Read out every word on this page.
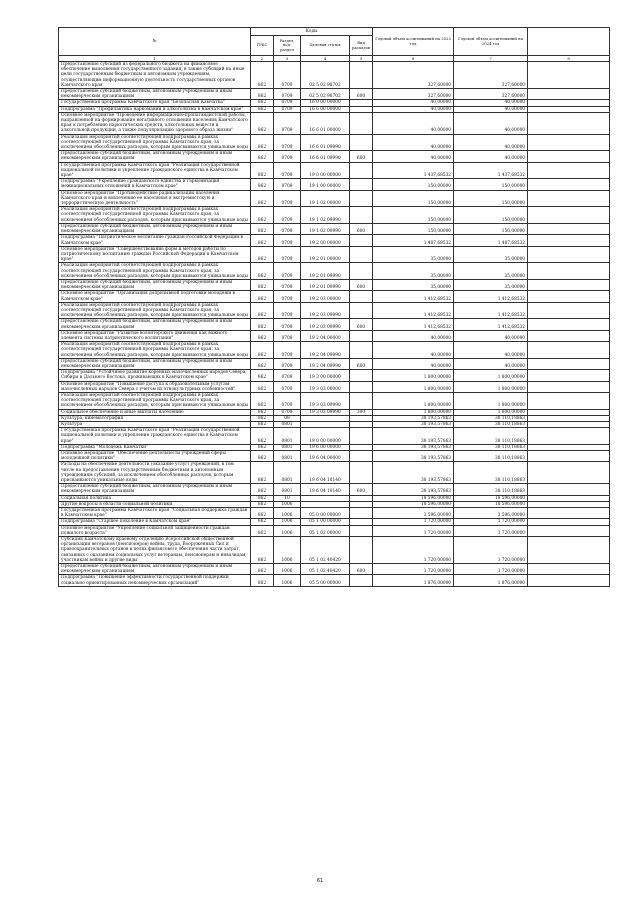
№	Коды				Годовой объем ассигнований на 2023 год	Годовой объем ассигнований на 2024 год	
	ГРБС	Раздел, под-раздел	Целевая статья	Вид расходов			
1	2	3	4	5	6	7	8
Предоставление субсидий из федерального бюджета на финансовое обеспечение выполнения государственного задания, в также субсидий на иные цели государственным бюджетным и автономным учреждениям, осуществляющим информационную деятельность государственных органов Камчатского края	862	0709	02 5 02 98702		327,60000	327,60000	
Предоставление субсидий бюджетным, автономным учреждениям и иным некоммерческим организациям	862	0709	02 5 02 98702	600	327,60000	327,60000	
Государственная программа Камчатского края "Безопасная Камчатка"	862	0709	16 0 00 00000		40,00000	40,00000	
Подпрограмма "Профилактика наркомании и алкоголизма в Камчатском крае"	862	0709	16 6 00 00000		40,00000	40,00000	
Основное мероприятие "Проведение информационно-пропагандистской работы, направленной на формирование негативного отношения населения Камчатского края к потреблению наркотических средств, алкогольных веществ и алкогольной продукции, а также популяризацию здорового образа жизни"	862	0709	16 6 01 00000		40,00000	40,00000	
Реализация мероприятий соответствующей подпрограммы в рамках соответствующей государственной программы Камчатского края, за исключением обособленных расходов, которым присваиваются уникальные коды	862	0709	16 6 01 09990		40,00000	40,00000	
Предоставление субсидий бюджетным, автономным учреждениям и иным некоммерческим организациям	862	0709	16 6 01 09990	600	40,00000	40,00000	
Государственная программа Камчатского края "Реализация государственной национальной политики и укрепление гражданского единства в Камчатском крае"	862	0709	19 0 00 00000		1 437,68532	1 437,68532	
Подпрограмма "Укрепление гражданского единства и гармонизация межнациональных отношений в Камчатском крае"	862	0709	19 1 00 00000		150,00000	150,00000	
Основное мероприятие "Противодействие радикализации населения Камчатского края и вовлечению ее населения в экстремистскую и террористическую деятельность"	862	0709	19 1 02 00000		150,00000	150,00000	
Реализация мероприятий соответствующей подпрограммы в рамках соответствующей государственной программы Камчатского края, за исключением обособленных расходов, которым присваиваются уникальные коды	862	0709	19 1 02 09990		150,00000	150,00000	
Предоставление субсидий бюджетным, автономным учреждениям и иным некоммерческим организациям	862	0709	19 1 02 09990	600	150,00000	150,00000	
Подпрограмма "Патриотическое воспитание граждан Российской Федерации в Камчатском крае"	862	0709	19 2 00 00000		1 487,68532	1 487,68532	
Основное мероприятие "Совершенствование форм и методов работы по патриотическому воспитанию граждан Российской Федерации в Камчатском крае"	862	0709	19 2 01 00000		35,00000	35,00000	
Реализация мероприятий соответствующей подпрограммы в рамках соответствующей государственной программы Камчатского края, за исключением обособленных расходов, которым присваиваются уникальные коды	862	0709	19 2 01 09990		35,00000	35,00000	
Предоставление субсидий бюджетным, автономным учреждениям и иным некоммерческим организациям	862	0709	19 2 01 09990	600	35,00000	35,00000	
Основное мероприятие "Организация допризывной подготовки молодежи в Камчатском крае"	862	0709	19 2 03 00000		1 412,68532	1 412,68532	
Реализация мероприятий соответствующей подпрограммы в рамках соответствующей государственной программы Камчатского края, за исключением обособленных расходов, которым присваиваются уникальные коды	862	0709	19 2 03 09990		1 412,68532	1 412,68532	
Предоставление субсидий бюджетным, автономным учреждениям и иным некоммерческим организациям	862	0709	19 2 03 09990	600	1 412,68532	1 412,68532	
Основное мероприятие "Развитие волонтерского движения как важного элемента системы патриотического воспитания"	862	0709	19 2 04 00000		40,00000	40,00000	
Реализация мероприятий соответствующей подпрограммы в рамках соответствующей государственной программы Камчатского края, за исключением обособленных расходов, которым присваиваются уникальные коды	862	0709	19 2 04 09990		40,00000	40,00000	
Предоставление субсидий бюджетным, автономным учреждениям и иным некоммерческим организациям	862	0709	19 2 04 09990	600	40,00000	40,00000	
Подпрограмма "Устойчивое развитие коренных малочисленных народов Севера, Сибири и Дальнего Востока, проживающих в Камчатском крае"	862	0709	19 3 00 00000		1 800,00000	1 800,00000	
Основное мероприятие "Повышение доступа к образовательным услугам малочисленных народов Севера с учетом их этнокультурных особенностей"	862	0709	19 3 03 00000		1 800,00000	1 800,00000	
Реализация мероприятий соответствующей подпрограммы в рамках соответствующей государственной программы Камчатского края, за исключением обособленных расходов, которым присваиваются уникальные коды	862	0709	19 3 03 09990		1 800,00000	1 800,00000	
Социальное обеспечение и иные выплаты населению	862	0709	19 3 03 09990	300	1 800,00000	1 800,00000	
Культура, кинематография	862	08			38 193,57863	38 110,18863	
Культура	862	0801			38 193,57863	38 110,18863	
Государственная программа Камчатского края "Реализация государственной национальной политики и укрепление гражданского единства в Камчатском крае"	862	0801	19 0 00 00000		38 193,57863	38 110,18863	
Подпрограмма "Молодежь Камчатки"	862	0801	19 6 00 00000		38 193,57863	38 110,18863	
Основное мероприятие "Обеспечение деятельности учреждений сферы молодежной политики"	862	0801	19 6 04 00000		38 193,57863	38 110,18863	
Расходы на обеспечение деятельности (оказание услуг) учреждений, в том числе на предоставление государственным бюджетным и автономным учреждениям субсидий, за исключением обособленных расходов, которым присваиваются уникальные коды	862	0801	19 6 04 10140		38 193,57863	38 110,18863	
Предоставление субсидий бюджетным, автономным учреждениям и иным некоммерческим организациям	862	0801	19 6 04 10140	600	38 193,57863	38 110,18863	
Социальная политика	862	10			18 596,00000	18 596,00000	
Другие вопросы в области социальной политики	862	1006			18 596,00000	18 596,00000	
Государственная программа Камчатского края "Социальная поддержка граждан в Камчатском крае"	862	1006	05 0 00 00000		3 596,00000	3 596,00000	
Подпрограмма "Старшее поколение в Камчатском крае"	862	1006	05 1 00 00000		1 720,00000	1 720,00000	
Основное мероприятие "Укрепление социальной защищенности граждан пожилого возраста"	862	1006	05 1 02 00000		1 720,00000	1 720,00000	
Субсидия Камчатскому краевому отделению Всероссийской общественной организации ветеранов (пенсионеров) войны, труда, Вооруженных Сил и правоохранительных органов в целях финансового обеспечения части затрат, связанных с оказанием социальных услуг ветеранам, пенсионерам и инвалидам, участникам войны и другие виды	862	1006	05 1 02 40420		1 720,00000	1 720,00000	
Предоставление субсидий бюджетным, автономным учреждениям и иным некоммерческим организациям	862	1006	05 1 02 40420	600	1 720,00000	1 720,00000	
Подпрограмма "Повышение эффективности государственной поддержки социально ориентированных некоммерческих организаций"	862	1006	05 5 00 00000		1 876,00000	1 876,00000	
61
